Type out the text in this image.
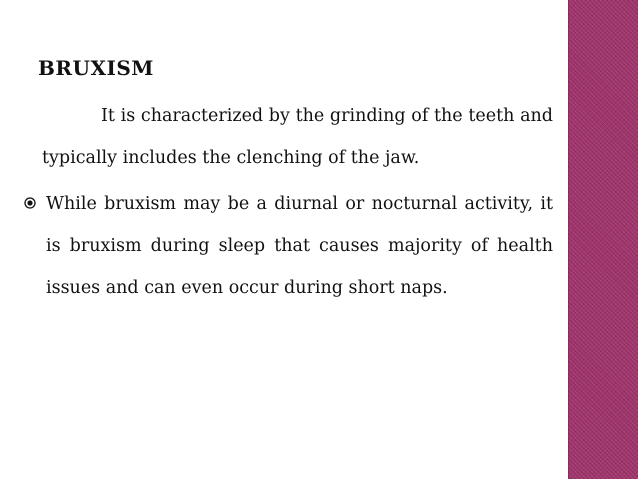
BRUXISM

It is characterized by the grinding of the teeth and typically includes the clenching of the jaw.

While bruxism may be a diurnal or nocturnal activity, it is bruxism during sleep that causes majority of health issues and can even occur during short naps.
